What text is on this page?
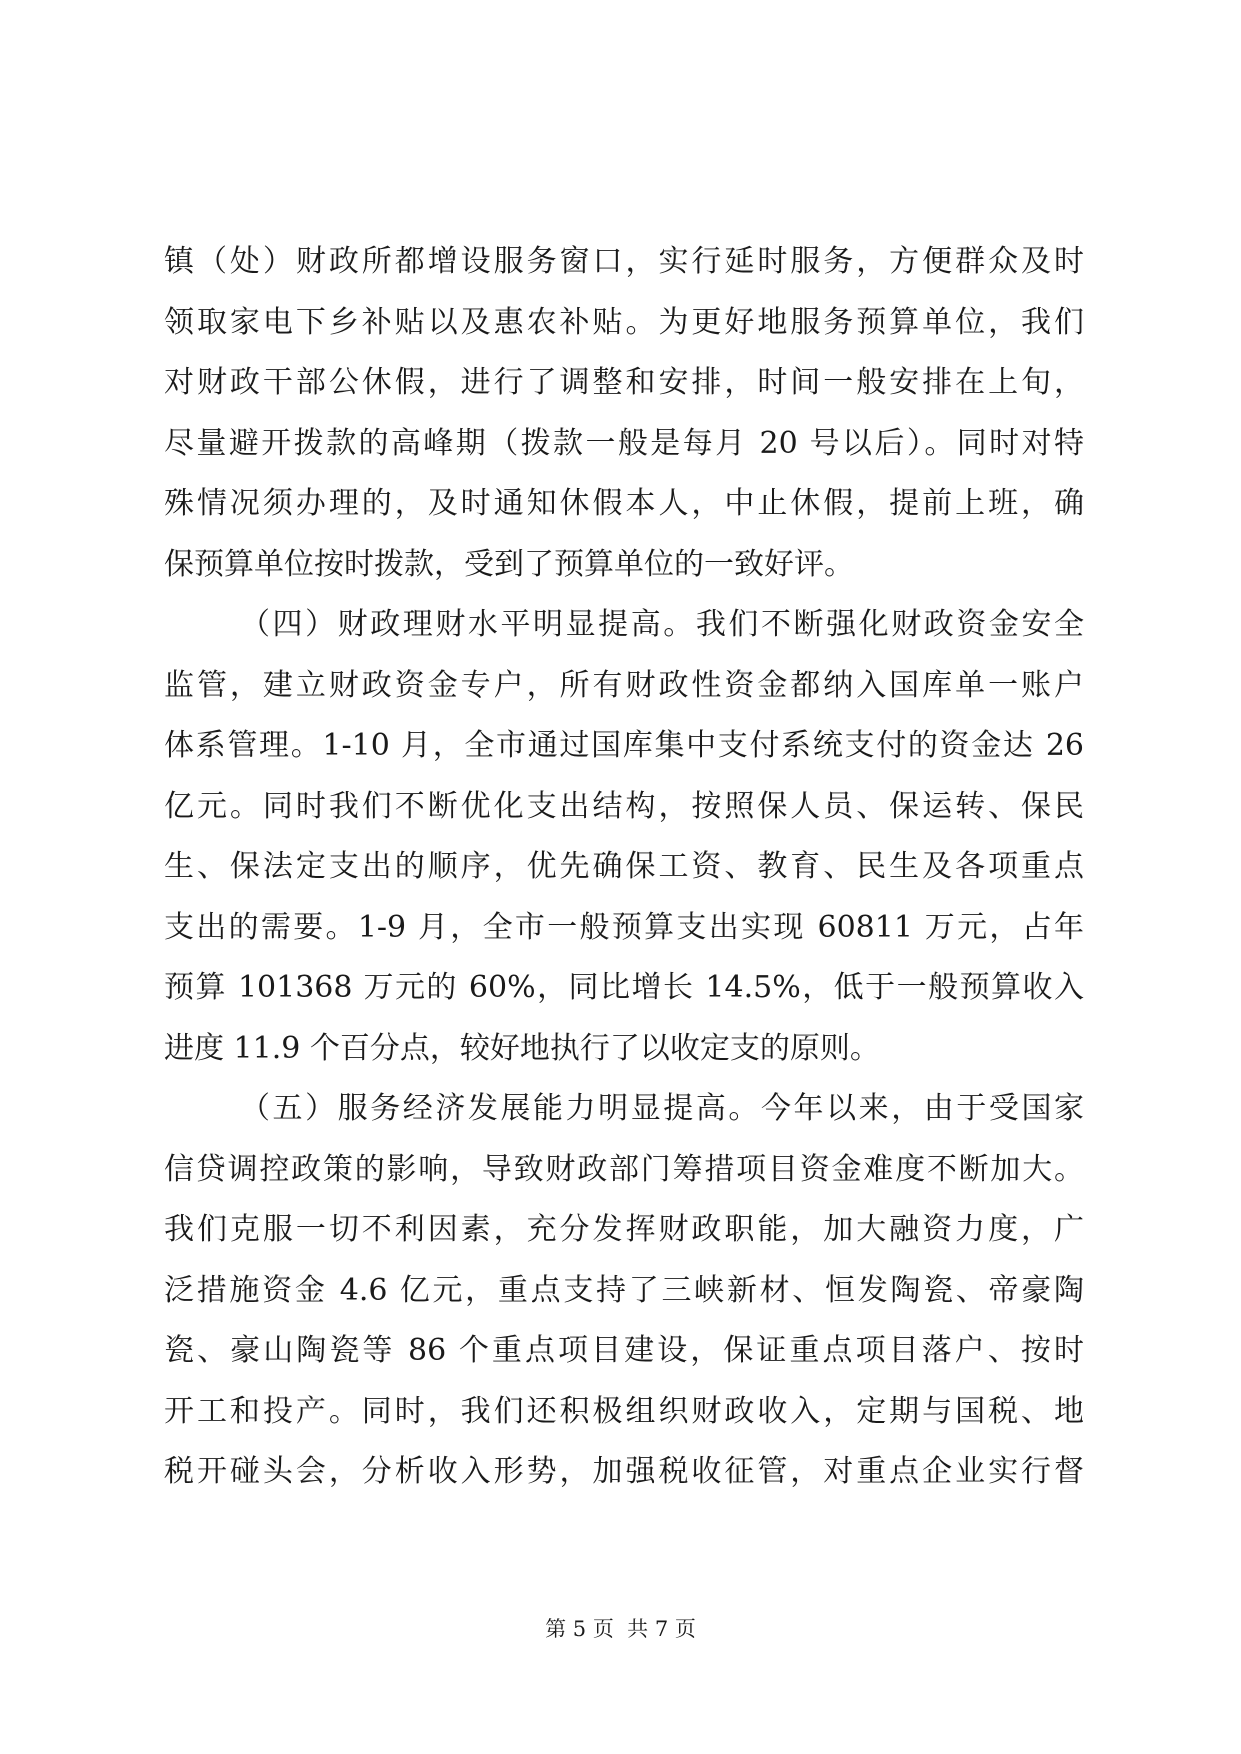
镇（处）财政所都增设服务窗口，实行延时服务，方便群众及时
领取家电下乡补贴以及惠农补贴。为更好地服务预算单位，我们
对财政干部公休假，进行了调整和安排，时间一般安排在上旬，
尽量避开拨款的高峰期（拨款一般是每月 20 号以后）。同时对特
殊情况须办理的，及时通知休假本人，中止休假，提前上班，确
保预算单位按时拨款，受到了预算单位的一致好评。
（四）财政理财水平明显提高。我们不断强化财政资金安全
监管，建立财政资金专户，所有财政性资金都纳入国库单一账户
体系管理。1-10 月，全市通过国库集中支付系统支付的资金达 26
亿元。同时我们不断优化支出结构，按照保人员、保运转、保民
生、保法定支出的顺序，优先确保工资、教育、民生及各项重点
支出的需要。1-9 月，全市一般预算支出实现 60811 万元，占年
预算 101368 万元的 60%，同比增长 14.5%，低于一般预算收入
进度 11.9 个百分点，较好地执行了以收定支的原则。
（五）服务经济发展能力明显提高。今年以来，由于受国家
信贷调控政策的影响，导致财政部门筹措项目资金难度不断加大。
我们克服一切不利因素，充分发挥财政职能，加大融资力度，广
泛措施资金 4.6 亿元，重点支持了三峡新材、恒发陶瓷、帝豪陶
瓷、豪山陶瓷等 86 个重点项目建设，保证重点项目落户、按时
开工和投产。同时，我们还积极组织财政收入，定期与国税、地
税开碰头会，分析收入形势，加强税收征管，对重点企业实行督
第 5 页  共 7 页
